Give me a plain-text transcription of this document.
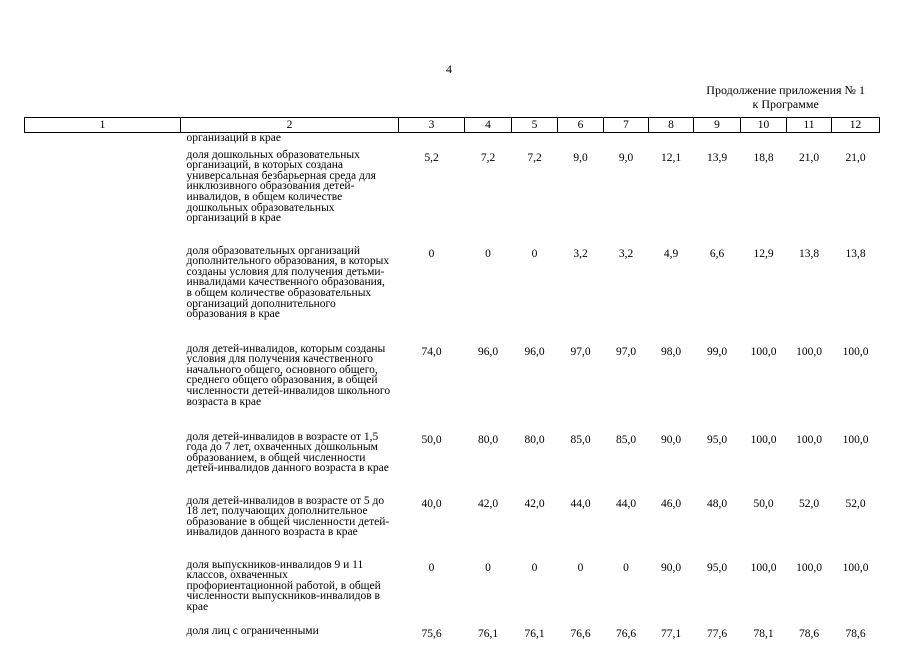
4
Продолжение приложения № 1
к Программе
1	2	3	4	5	6	7	8	9	10	11	12
	организаций в крае										

	доля дошкольных образовательных организаций, в которых создана универсальная безбарьерная среда для инклюзивного образования детей-инвалидов, в общем количестве дошкольных образовательных организаций в крае	5,2	7,2	7,2	9,0	9,0	12,1	13,9	18,8	21,0	21,0

	доля образовательных организаций дополнительного образования, в которых созданы условия для получения детьми-инвалидами качественного образования, в общем количестве образовательных организаций дополнительного образования в крае	0	0	0	3,2	3,2	4,9	6,6	12,9	13,8	13,8

	доля детей-инвалидов, которым созданы условия для получения качественного начального общего, основного общего, среднего общего образования, в общей численности детей-инвалидов школьного возраста в крае	74,0	96,0	96,0	97,0	97,0	98,0	99,0	100,0	100,0	100,0

	доля детей-инвалидов в возрасте от 1,5 года до 7 лет, охваченных дошкольным образованием, в общей численности детей-инвалидов данного возраста в крае	50,0	80,0	80,0	85,0	85,0	90,0	95,0	100,0	100,0	100,0

	доля детей-инвалидов в возрасте от 5 до 18 лет, получающих дополнительное образование в общей численности детей-инвалидов данного возраста в крае	40,0	42,0	42,0	44,0	44,0	46,0	48,0	50,0	52,0	52,0

	доля выпускников-инвалидов 9 и 11 классов, охваченных профориентационной работой, в общей численности выпускников-инвалидов в крае	0	0	0	0	0	90,0	95,0	100,0	100,0	100,0

	доля лиц с ограниченными	75,6	76,1	76,1	76,6	76,6	77,1	77,6	78,1	78,6	78,6
